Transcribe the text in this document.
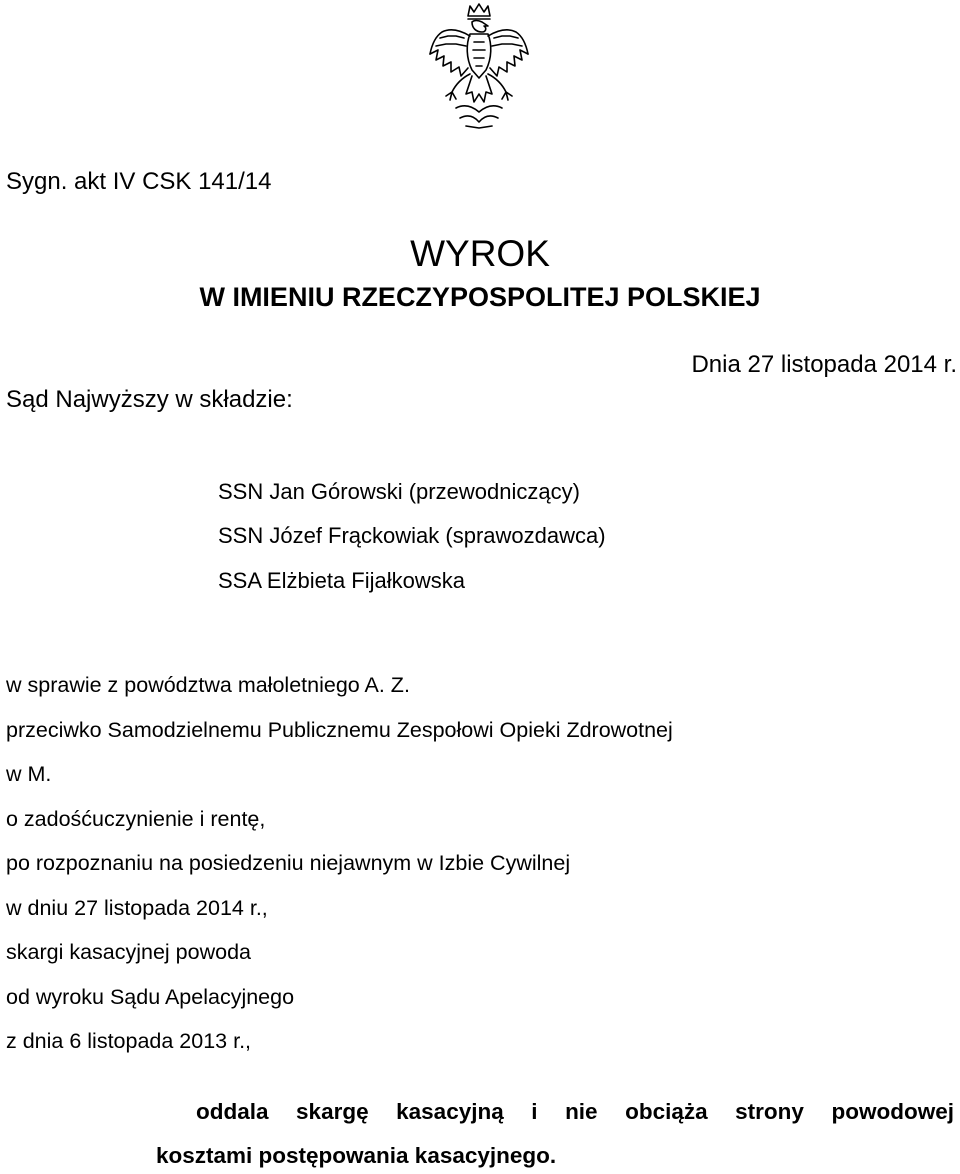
Sygn. akt IV CSK 141/14
WYROK
W IMIENIU RZECZYPOSPOLITEJ POLSKIEJ
Dnia 27 listopada 2014 r.
Sąd Najwyższy w składzie:
SSN Jan Górowski (przewodniczący)
SSN Józef Frąckowiak (sprawozdawca)
SSA Elżbieta Fijałkowska
w sprawie z powództwa małoletniego A. Z.
przeciwko Samodzielnemu Publicznemu Zespołowi Opieki Zdrowotnej
w M.
o zadośćuczynienie i rentę,
po rozpoznaniu na posiedzeniu niejawnym w Izbie Cywilnej
w dniu 27 listopada 2014 r.,
skargi kasacyjnej powoda
od wyroku Sądu Apelacyjnego
z dnia 6 listopada 2013 r.,
oddala skargę kasacyjną i nie obciąża strony powodowej
kosztami postępowania kasacyjnego.
